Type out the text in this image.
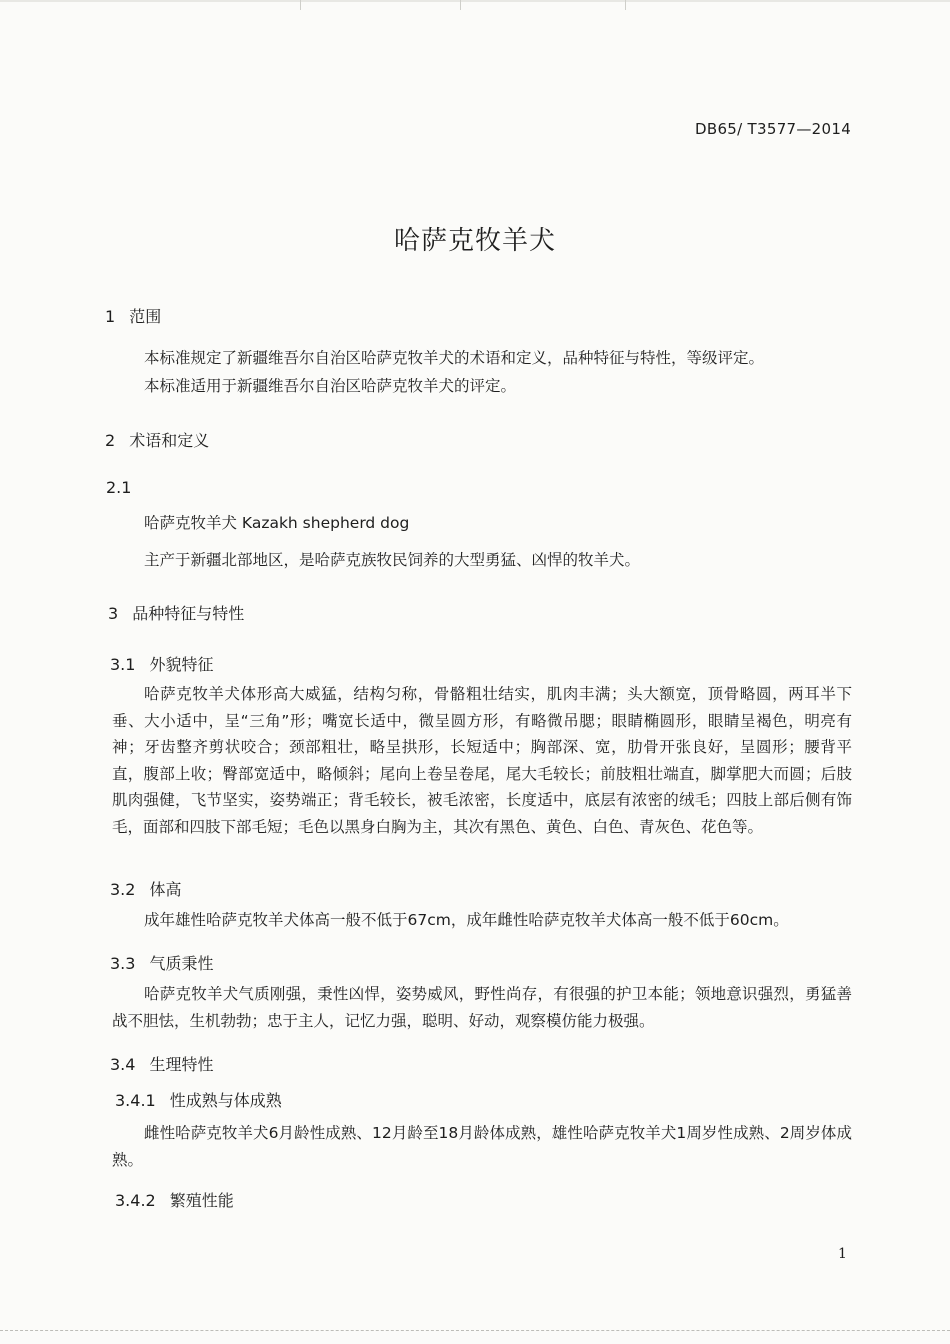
DB65/ T3577—2014
哈萨克牧羊犬
1 范围
本标准规定了新疆维吾尔自治区哈萨克牧羊犬的术语和定义，品种特征与特性，等级评定。
本标准适用于新疆维吾尔自治区哈萨克牧羊犬的评定。
2 术语和定义
2.1
哈萨克牧羊犬 Kazakh shepherd dog
主产于新疆北部地区，是哈萨克族牧民饲养的大型勇猛、凶悍的牧羊犬。
3 品种特征与特性
3.1 外貌特征
哈萨克牧羊犬体形高大威猛，结构匀称，骨骼粗壮结实，肌肉丰满；头大额宽，顶骨略圆，两耳半下垂、大小适中，呈“三角”形；嘴宽长适中，微呈圆方形，有略微吊腮；眼睛椭圆形，眼睛呈褐色，明亮有神；牙齿整齐剪状咬合；颈部粗壮，略呈拱形，长短适中；胸部深、宽，肋骨开张良好，呈圆形；腰背平直，腹部上收；臀部宽适中，略倾斜；尾向上卷呈卷尾，尾大毛较长；前肢粗壮端直，脚掌肥大而圆；后肢肌肉强健，飞节坚实，姿势端正；背毛较长，被毛浓密，长度适中，底层有浓密的绒毛；四肢上部后侧有饰毛，面部和四肢下部毛短；毛色以黑身白胸为主，其次有黑色、黄色、白色、青灰色、花色等。
3.2 体高
成年雄性哈萨克牧羊犬体高一般不低于67cm，成年雌性哈萨克牧羊犬体高一般不低于60cm。
3.3 气质秉性
哈萨克牧羊犬气质刚强，秉性凶悍，姿势威风，野性尚存，有很强的护卫本能；领地意识强烈，勇猛善战不胆怯，生机勃勃；忠于主人，记忆力强，聪明、好动，观察模仿能力极强。
3.4 生理特性
3.4.1 性成熟与体成熟
雌性哈萨克牧羊犬6月龄性成熟、12月龄至18月龄体成熟，雄性哈萨克牧羊犬1周岁性成熟、2周岁体成熟。
3.4.2 繁殖性能
1
